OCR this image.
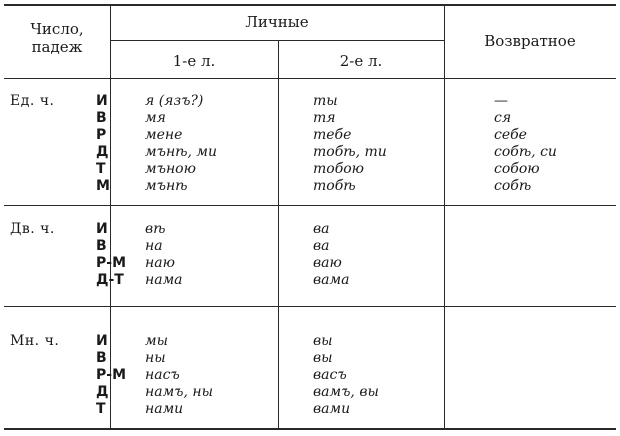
Число,
падеж
Личные
1-е л.	2-е л.
Возвратное
Ед. ч.
Дв. ч.
Мн. ч.
И
В
Р
Д
Т
М
я (язъ?)
мя
мене
мънѣ, ми
мъною
мънѣ
ты
тя
тебе
тобѣ, ти
тобою
тобѣ
—
ся
себе
собѣ, си
собою
собѣ
И
В
Р-М
Д-Т
вѣ
на
наю
нама
ва
ва
ваю
вама
И
В
Р-М
Д
Т
мы
ны
насъ
намъ, ны
нами
вы
вы
васъ
вамъ, вы
вами
